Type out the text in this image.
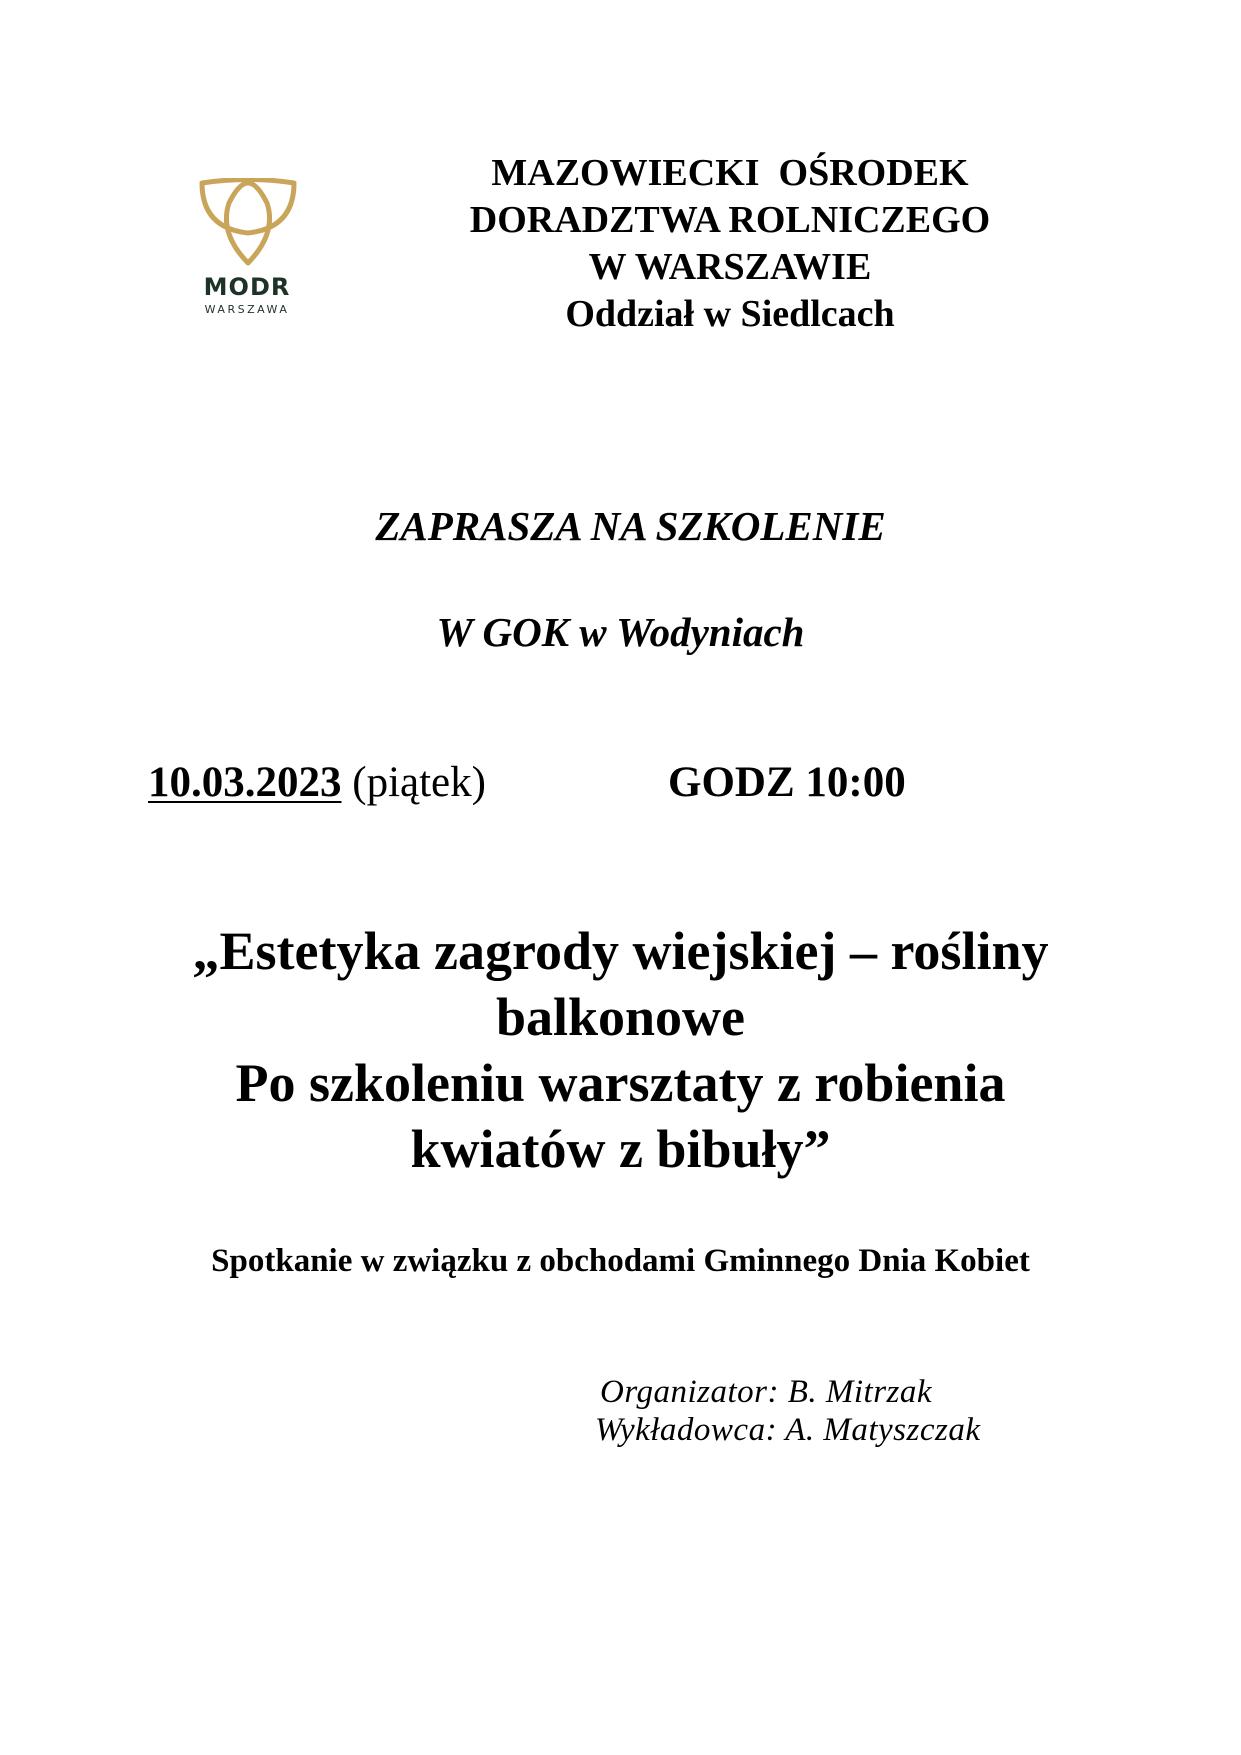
MODR
WARSZAWA
MAZOWIECKI  OŚRODEK
DORADZTWA ROLNICZEGO
W WARSZAWIE
Oddział w Siedlcach
ZAPRASZA NA SZKOLENIE
W GOK w Wodyniach
10.03.2023 (piątek)	GODZ 10:00
„Estetyka zagrody wiejskiej – rośliny
balkonowe
Po szkoleniu warsztaty z robienia
kwiatów z bibuły”
Spotkanie w związku z obchodami Gminnego Dnia Kobiet
Organizator: B. Mitrzak
Wykładowca: A. Matyszczak
